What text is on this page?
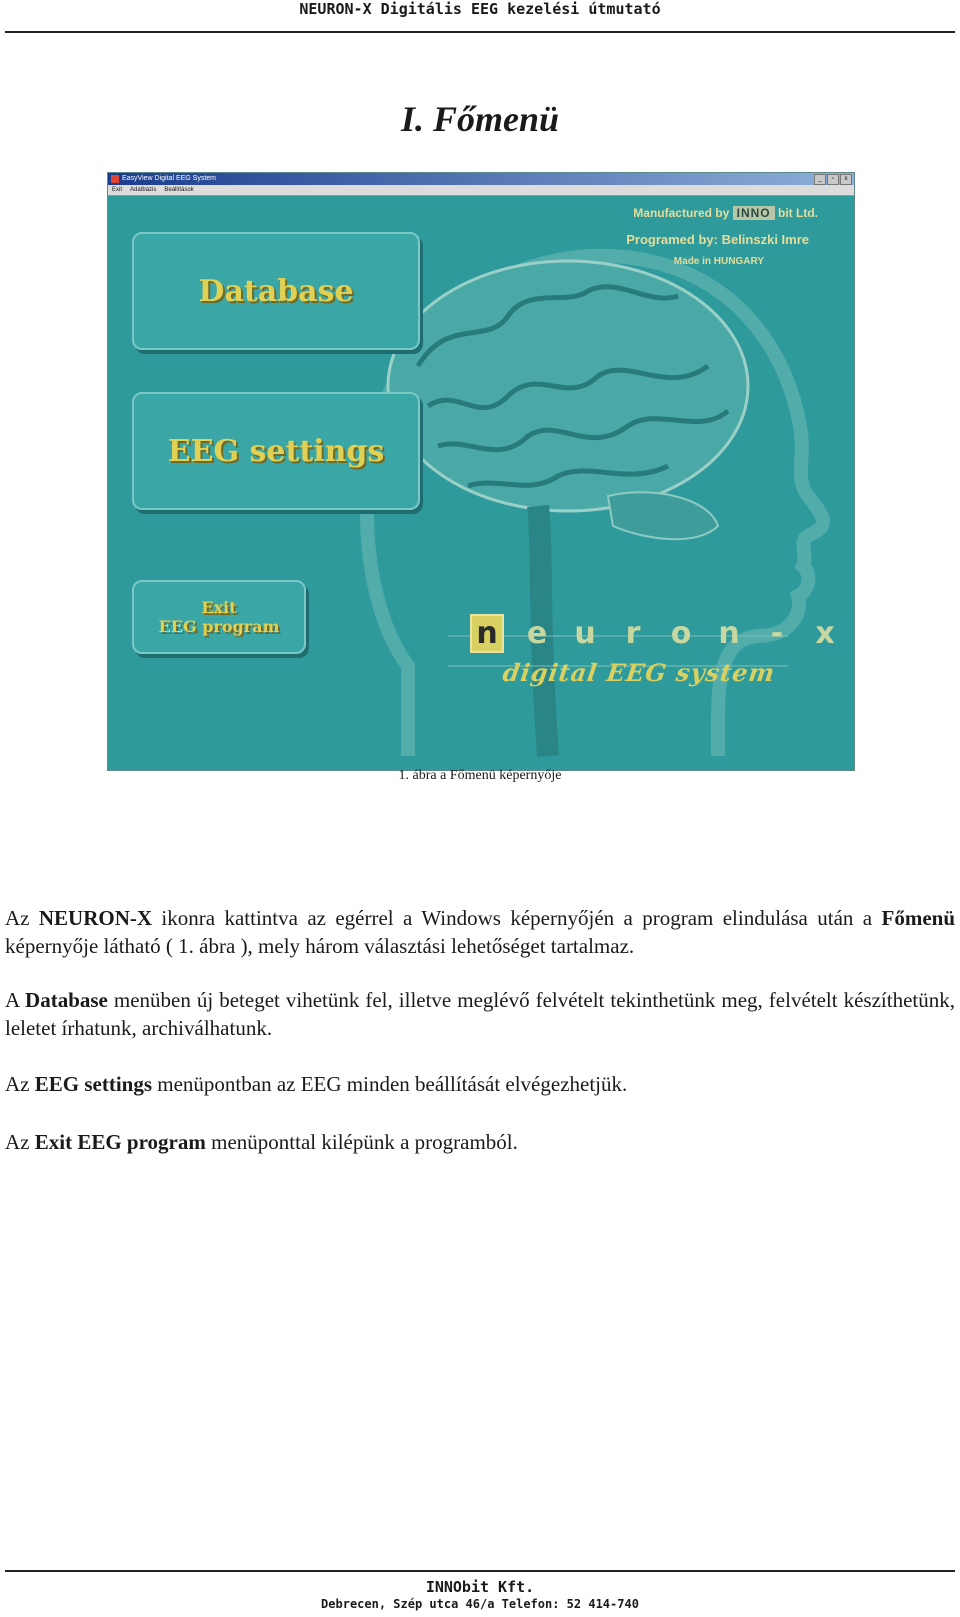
NEURON-X Digitális EEG kezelési útmutató
I. Főmenü
EasyView Digital EEG System	_	▫	x
Exit Adatbázis Beállítások
Manufactured by INNO bit Ltd.
Programed by: Belinszki Imre
Made in HUNGARY
Database
EEG settings
Exit
EEG program	n e u r o n - x
digital EEG system
1. ábra a Főmenü képernyője
Az NEURON-X ikonra kattintva az egérrel a Windows képernyőjén a program elindulása után a Főmenü képernyője látható ( 1. ábra ), mely három választási lehetőséget tartalmaz.
A Database menüben új beteget vihetünk fel, illetve meglévő felvételt tekinthetünk meg, felvételt készíthetünk, leletet írhatunk, archiválhatunk.
Az EEG settings menüpontban az EEG minden beállítását elvégezhetjük.
Az Exit EEG program menüponttal kilépünk a programból.
INNObit Kft.
Debrecen, Szép utca 46/a Telefon: 52 414-740
